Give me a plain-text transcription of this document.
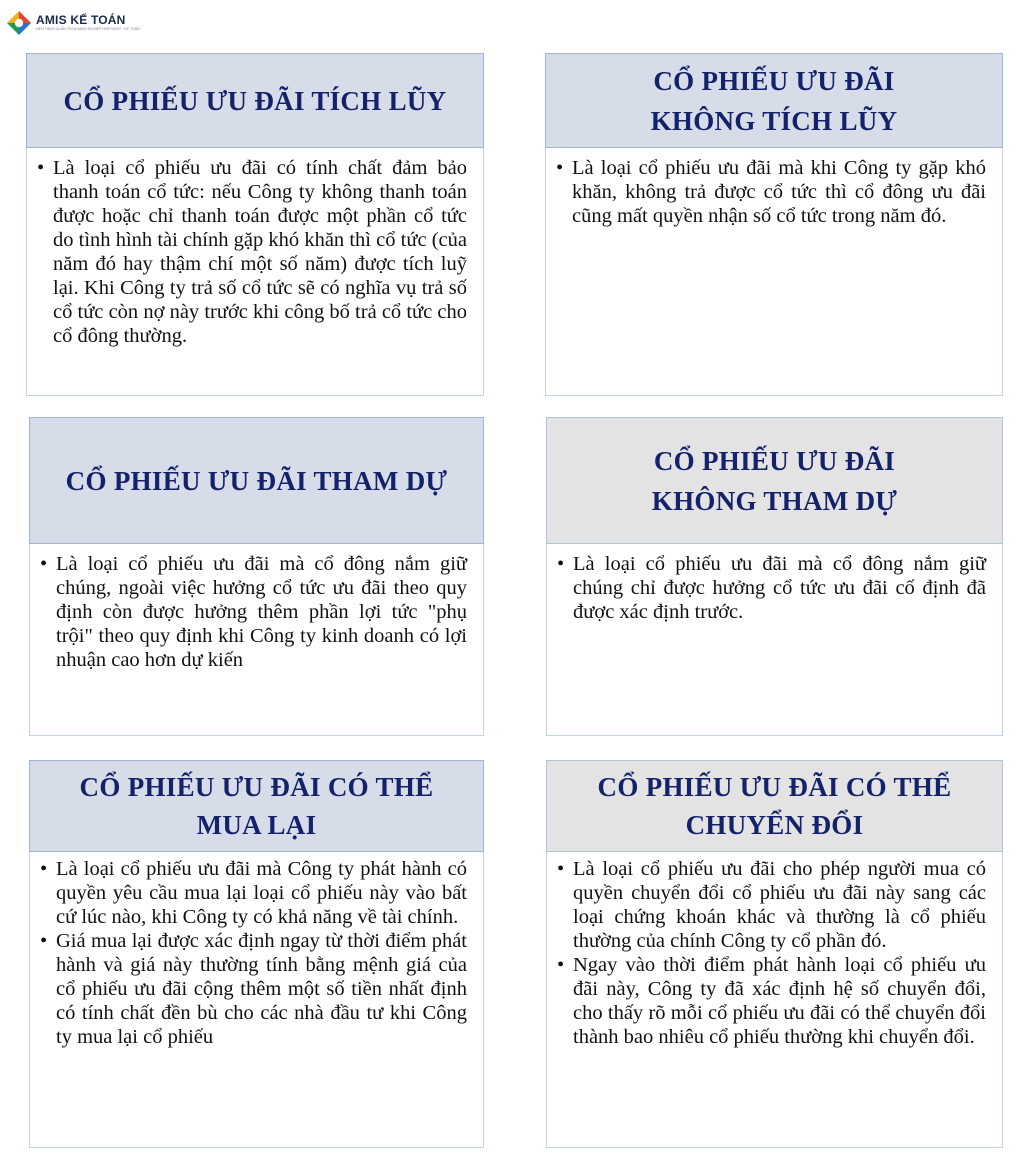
AMIS KẾ TOÁN
NỀN TẢNG QUẢN TRỊ DOANH NGHIỆP HỢP NHẤT - KẾ TOÁN
CỔ PHIẾU ƯU ĐÃI TÍCH LŨY
• Là loại cổ phiếu ưu đãi có tính chất đảm bảo thanh toán cổ tức: nếu Công ty không thanh toán được hoặc chỉ thanh toán được một phần cổ tức do tình hình tài chính gặp khó khăn thì cổ tức (của năm đó hay thậm chí một số năm) được tích luỹ lại. Khi Công ty trả số cổ tức sẽ có nghĩa vụ trả số cổ tức còn nợ này trước khi công bố trả cổ tức cho cổ đông thường.
CỔ PHIẾU ƯU ĐÃI
KHÔNG TÍCH LŨY
• Là loại cổ phiếu ưu đãi mà khi Công ty gặp khó khăn, không trả được cổ tức thì cổ đông ưu đãi cũng mất quyền nhận số cổ tức trong năm đó.
CỔ PHIẾU ƯU ĐÃI THAM DỰ
• Là loại cổ phiếu ưu đãi mà cổ đông nắm giữ chúng, ngoài việc hưởng cổ tức ưu đãi theo quy định còn được hưởng thêm phần lợi tức "phụ trội" theo quy định khi Công ty kinh doanh có lợi nhuận cao hơn dự kiến
CỔ PHIẾU ƯU ĐÃI
KHÔNG THAM DỰ
• Là loại cổ phiếu ưu đãi mà cổ đông nắm giữ chúng chỉ được hưởng cổ tức ưu đãi cố định đã được xác định trước.
CỔ PHIẾU ƯU ĐÃI CÓ THỂ
MUA LẠI
• Là loại cổ phiếu ưu đãi mà Công ty phát hành có quyền yêu cầu mua lại loại cổ phiếu này vào bất cứ lúc nào, khi Công ty có khả năng về tài chính.
• Giá mua lại được xác định ngay từ thời điểm phát hành và giá này thường tính bằng mệnh giá của cổ phiếu ưu đãi cộng thêm một số tiền nhất định có tính chất đền bù cho các nhà đầu tư khi Công ty mua lại cổ phiếu
CỔ PHIẾU ƯU ĐÃI CÓ THỂ
CHUYỂN ĐỔI
• Là loại cổ phiếu ưu đãi cho phép người mua có quyền chuyển đổi cổ phiếu ưu đãi này sang các loại chứng khoán khác và thường là cổ phiếu thường của chính Công ty cổ phần đó.
• Ngay vào thời điểm phát hành loại cổ phiếu ưu đãi này, Công ty đã xác định hệ số chuyển đổi, cho thấy rõ mỗi cổ phiếu ưu đãi có thể chuyển đổi thành bao nhiêu cổ phiếu thường khi chuyển đổi.
